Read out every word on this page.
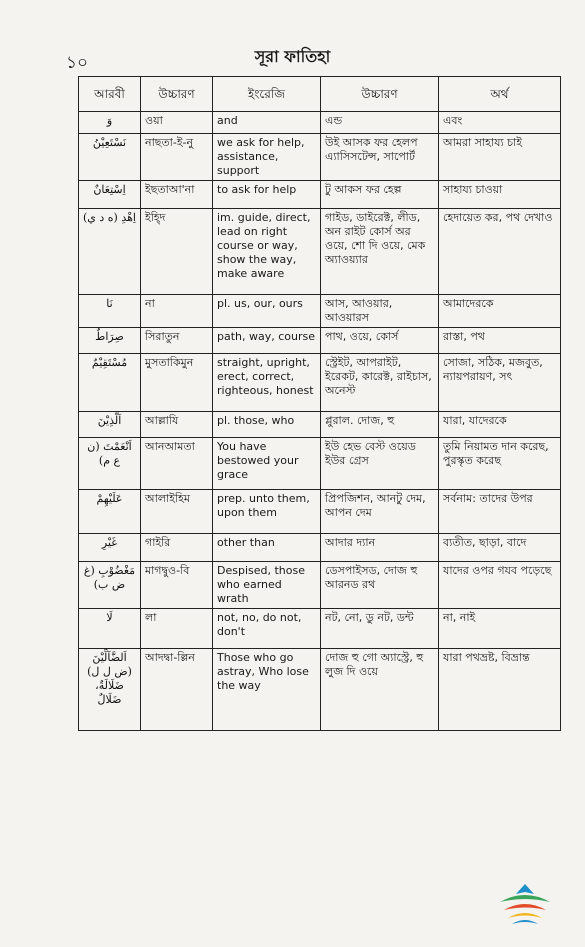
১০	সূরা ফাতিহা
আরবী	উচ্চারণ	ইংরেজি	উচ্চারণ	অর্থ
وَ	ওয়া	and	এন্ড	এবং
نَسْتَعِيْنُ	নাছতা-ই-নু	we ask for help, assistance, support	উই আসক ফর হেলপ এ্যাসিসটেন্স, সাপোর্ট	আমরা সাহায্য চাই
اِسْتِعَانٌ	ইছতাআ'না	to ask for help	টু আকস ফর হেল্প	সাহায্য চাওয়া
اِهْدِ (ه د ي)	ইহ্দি	im. guide, direct, lead on right course or way, show the way, make aware	গাইড, ডাইরেক্ট, লীড, অন রাইট কোর্স অর ওয়ে, শো দি ওয়ে, মেক অ্যাওয়্যার	হেদায়েত কর, পথ দেখাও
نَا	না	pl. us, our, ours	আস, আওয়ার, আওয়ারস	আমাদেরকে
صِرَاطٌ	সিরাতুন	path, way, course	পাথ, ওয়ে, কোর্স	রাস্তা, পথ
مُسْتَقِيْمٌ	মুসতাকিমুন	straight, upright, erect, correct, righteous, honest	স্ট্রেইট, আপরাইট, ইরেকট, কারেক্ট, রাইচাস, অনেস্ট	সোজা, সঠিক, মজবুত, ন্যায়পরায়ণ, সৎ
اَلَّذِيْنَ	আল্লাযি	pl. those, who	প্লুরাল. দোজ, হু	যারা, যাদেরকে
اَنْعَمْتَ (ن ع م)	আনআমতা	You have bestowed your grace	ইউ হেভ বেস্ট ওয়েড ইউর গ্রেস	তুমি নিয়ামত দান করেছ, পুরস্কৃত করেছ
عَلَيْهِمْ	আলাইহিম	prep. unto them, upon them	প্রিপজিশন, আনটু দেম, আপন দেম	সর্বনাম: তাদের উপর
غَيْرِ	গাইরি	other than	আদার দ্যান	ব্যতীত, ছাড়া, বাদে
مَغْضُوْبِ (غ ض ب)	মাগদ্বুও-বি	Despised, those who earned wrath	ডেসপাইসড, দোজ হু আরনড রথ	যাদের ওপর গযব পড়েছে
لَا	লা	not, no, do not, don't	নট, নো, ডু নট, ডন্ট	না, নাই
اَلضَّآلِّيْنَ (ض ل ل) ضَلَالَةٌ، ضَلَالٌ	আদদ্বা-ল্লিন	Those who go astray, Who lose the way	দোজ হু গো অ্যাস্ট্রে, হু লুজ দি ওয়ে	যারা পথভ্রষ্ট, বিভ্রান্ত
